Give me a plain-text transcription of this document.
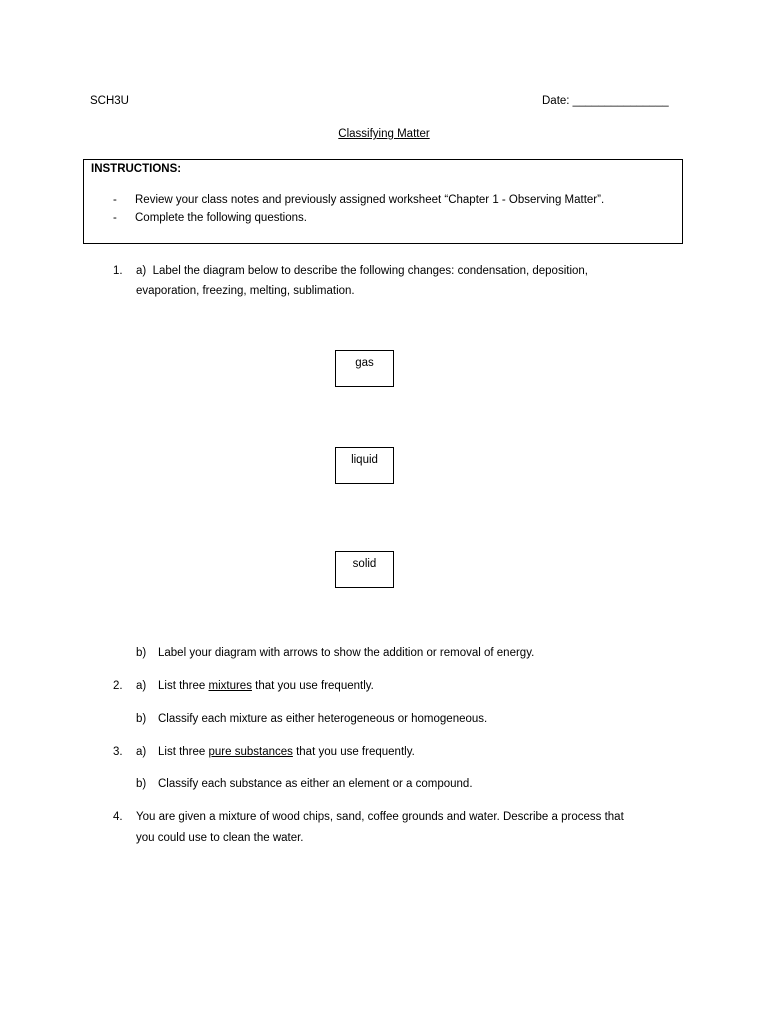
SCH3U	Date: _______________
Classifying Matter
INSTRUCTIONS:
- Review your class notes and previously assigned worksheet “Chapter 1 - Observing Matter”.
- Complete the following questions.
1. a) Label the diagram below to describe the following changes: condensation, deposition,
evaporation, freezing, melting, sublimation.
gas
liquid
solid
b) Label your diagram with arrows to show the addition or removal of energy.
2. a) List three mixtures that you use frequently.
b) Classify each mixture as either heterogeneous or homogeneous.
3. a) List three pure substances that you use frequently.
b) Classify each substance as either an element or a compound.
4. You are given a mixture of wood chips, sand, coffee grounds and water. Describe a process that
you could use to clean the water.
